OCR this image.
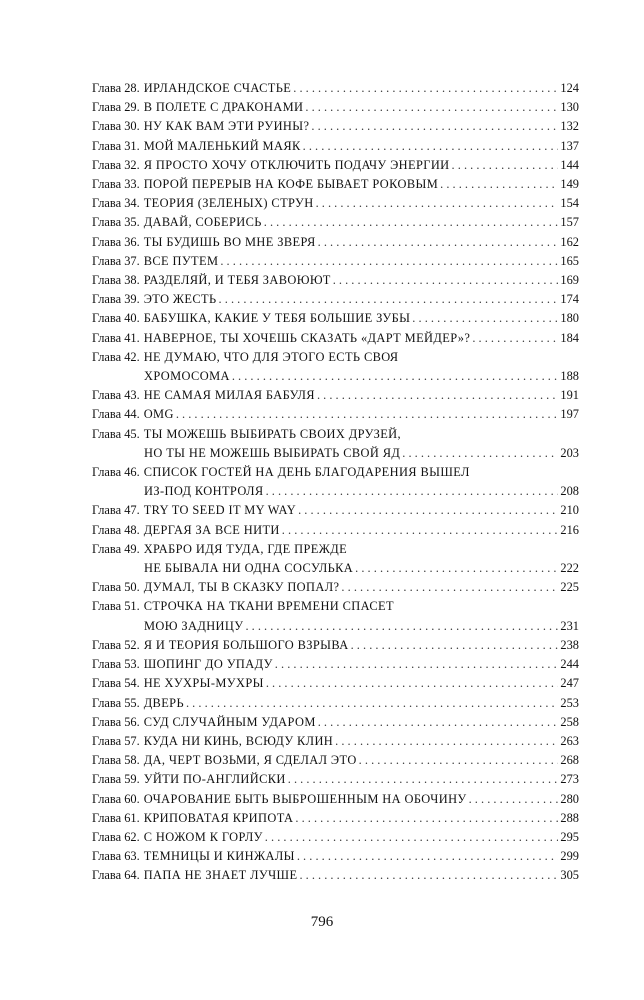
Глава 28. ИРЛАНДСКОЕ СЧАСТЬЕ . . .	124
Глава 29. В ПОЛЕТЕ С ДРАКОНАМИ . . .	130
Глава 30. НУ КАК ВАМ ЭТИ РУИНЫ? . . .	132
Глава 31. МОЙ МАЛЕНЬКИЙ МАЯК . . .	137
Глава 32. Я ПРОСТО ХОЧУ ОТКЛЮЧИТЬ ПОДАЧУ ЭНЕРГИИ . . .	144
Глава 33. ПОРОЙ ПЕРЕРЫВ НА КОФЕ БЫВАЕТ РОКОВЫМ . . .	149
Глава 34. ТЕОРИЯ (ЗЕЛЕНЫХ) СТРУН . . .	154
Глава 35. ДАВАЙ, СОБЕРИСЬ . . .	157
Глава 36. ТЫ БУДИШЬ ВО МНЕ ЗВЕРЯ . . .	162
Глава 37. ВСЕ ПУТЕМ . . .	165
Глава 38. РАЗДЕЛЯЙ, И ТЕБЯ ЗАВОЮЮТ . . .	169
Глава 39. ЭТО ЖЕСТЬ . . .	174
Глава 40. БАБУШКА, КАКИЕ У ТЕБЯ БОЛЬШИЕ ЗУБЫ . . .	180
Глава 41. НАВЕРНОЕ, ТЫ ХОЧЕШЬ СКАЗАТЬ «ДАРТ МЕЙДЕР»? . . .	184
Глава 42. НЕ ДУМАЮ, ЧТО ДЛЯ ЭТОГО ЕСТЬ СВОЯ
ХРОМОСОМА . . .	188
Глава 43. НЕ САМАЯ МИЛАЯ БАБУЛЯ . . .	191
Глава 44. OMG . . .	197
Глава 45. ТЫ МОЖЕШЬ ВЫБИРАТЬ СВОИХ ДРУЗЕЙ,
НО ТЫ НЕ МОЖЕШЬ ВЫБИРАТЬ СВОЙ ЯД . . .	203
Глава 46. СПИСОК ГОСТЕЙ НА ДЕНЬ БЛАГОДАРЕНИЯ ВЫШЕЛ
ИЗ-ПОД КОНТРОЛЯ . . .	208
Глава 47. TRY TO SEED IT MY WAY . . .	210
Глава 48. ДЕРГАЯ ЗА ВСЕ НИТИ . . .	216
Глава 49. ХРАБРО ИДЯ ТУДА, ГДЕ ПРЕЖДЕ
НЕ БЫВАЛА НИ ОДНА СОСУЛЬКА . . .	222
Глава 50. ДУМАЛ, ТЫ В СКАЗКУ ПОПАЛ? . . .	225
Глава 51. СТРОЧКА НА ТКАНИ ВРЕМЕНИ СПАСЕТ
МОЮ ЗАДНИЦУ . . .	231
Глава 52. Я И ТЕОРИЯ БОЛЬШОГО ВЗРЫВА . . .	238
Глава 53. ШОПИНГ ДО УПАДУ . . .	244
Глава 54. НЕ ХУХРЫ-МУХРЫ . . .	247
Глава 55. ДВЕРЬ . . .	253
Глава 56. СУД СЛУЧАЙНЫМ УДАРОМ . . .	258
Глава 57. КУДА НИ КИНЬ, ВСЮДУ КЛИН . . .	263
Глава 58. ДА, ЧЕРТ ВОЗЬМИ, Я СДЕЛАЛ ЭТО . . .	268
Глава 59. УЙТИ ПО-АНГЛИЙСКИ . . .	273
Глава 60. ОЧАРОВАНИЕ БЫТЬ ВЫБРОШЕННЫМ НА ОБОЧИНУ . . .	280
Глава 61. КРИПОВАТАЯ КРИПОТА . . .	288
Глава 62. С НОЖОМ К ГОРЛУ . . .	295
Глава 63. ТЕМНИЦЫ И КИНЖАЛЫ . . .	299
Глава 64. ПАПА НЕ ЗНАЕТ ЛУЧШЕ . . .	305
796
